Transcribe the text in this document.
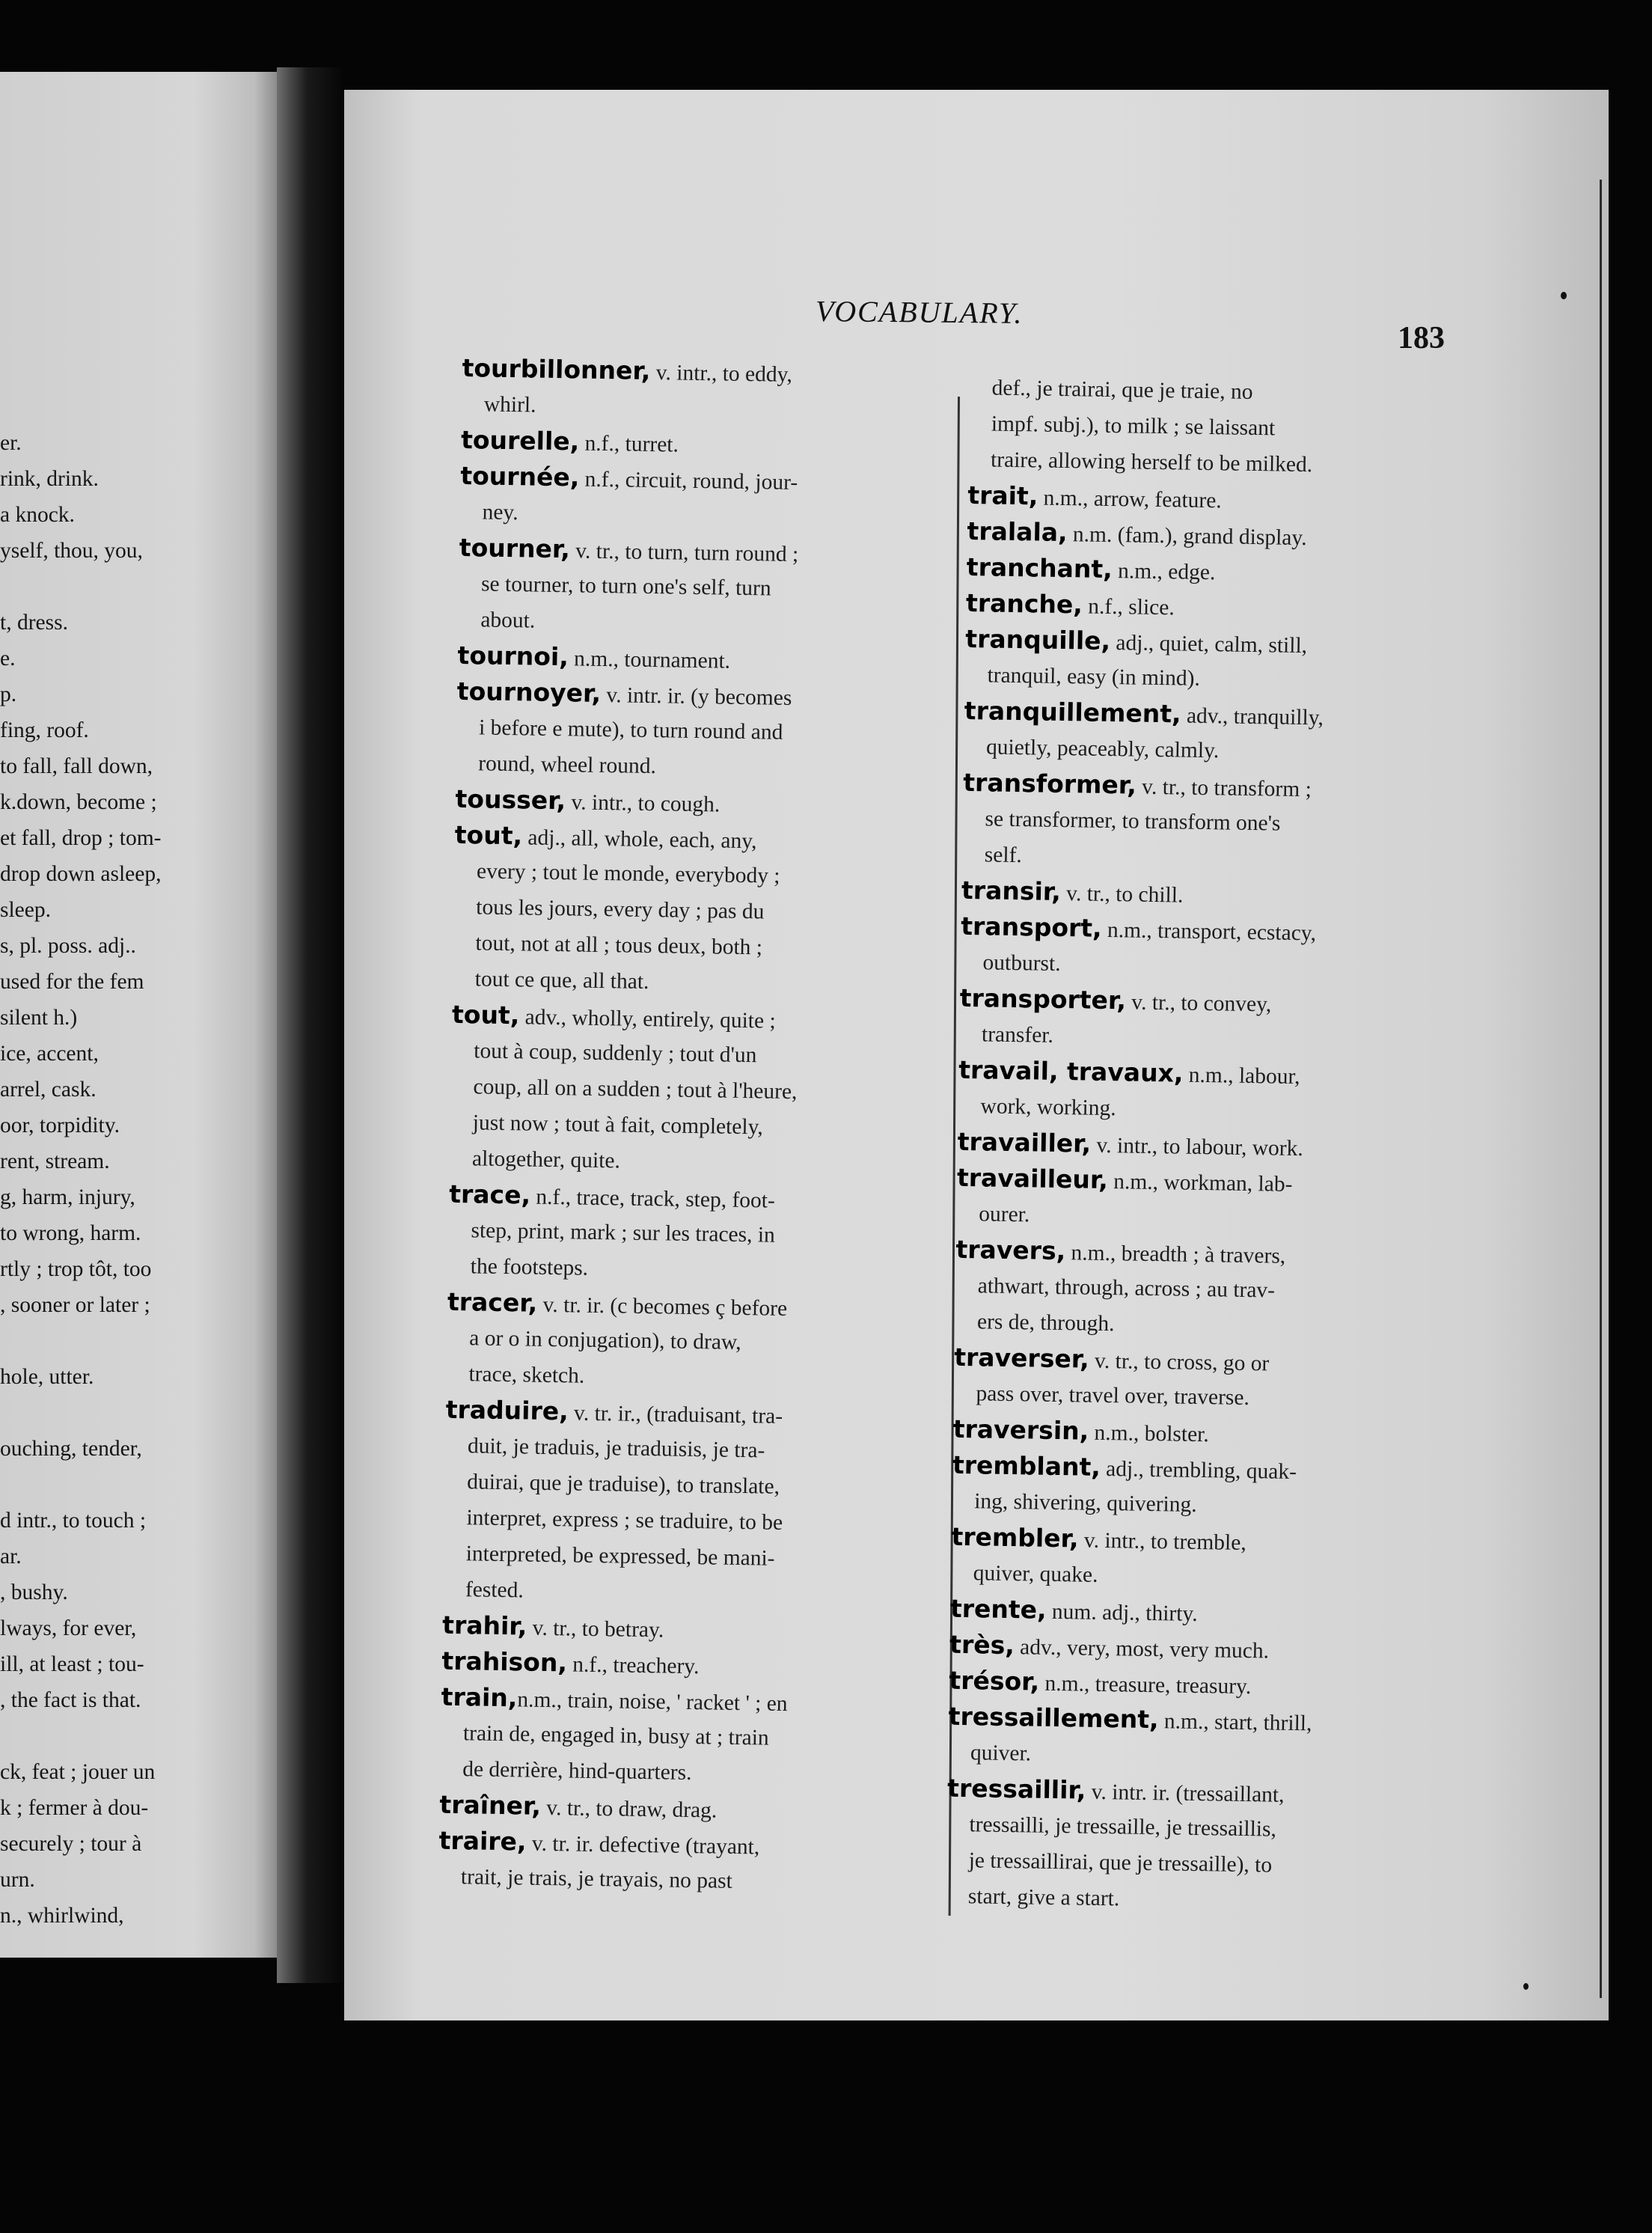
er.
rink, drink.
a knock.
yself, thou, you,
t, dress.
e.
p.
fing, roof.
to fall, fall down,
k.down, become ;
et fall, drop ; tom-
drop down asleep,
sleep.
s, pl. poss. adj..
used for the fem
silent h.)
ice, accent,
arrel, cask.
oor, torpidity.
rent, stream.
g, harm, injury,
to wrong, harm.
rtly ; trop tôt, too
, sooner or later ;
hole, utter.
ouching, tender,
d intr., to touch ;
ar.
, bushy.
lways, for ever,
ill, at least ; tou-
, the fact is that.
ck, feat ; jouer un
k ; fermer à dou-
securely ; tour à
urn.
n., whirlwind,
VOCABULARY.
183
tourbillonner, v. intr., to eddy,
whirl.
tourelle, n.f., turret.
tournée, n.f., circuit, round, jour-
ney.
tourner, v. tr., to turn, turn round ;
se tourner, to turn one's self, turn
about.
tournoi, n.m., tournament.
tournoyer, v. intr. ir. (y becomes
i before e mute), to turn round and
round, wheel round.
tousser, v. intr., to cough.
tout, adj., all, whole, each, any,
every ; tout le monde, everybody ;
tous les jours, every day ; pas du
tout, not at all ; tous deux, both ;
tout ce que, all that.
tout, adv., wholly, entirely, quite ;
tout à coup, suddenly ; tout d'un
coup, all on a sudden ; tout à l'heure,
just now ; tout à fait, completely,
altogether, quite.
trace, n.f., trace, track, step, foot-
step, print, mark ; sur les traces, in
the footsteps.
tracer, v. tr. ir. (c becomes ç before
a or o in conjugation), to draw,
trace, sketch.
traduire, v. tr. ir., (traduisant, tra-
duit, je traduis, je traduisis, je tra-
duirai, que je traduise), to translate,
interpret, express ; se traduire, to be
interpreted, be expressed, be mani-
fested.
trahir, v. tr., to betray.
trahison, n.f., treachery.
train,n.m., train, noise, ' racket ' ; en
train de, engaged in, busy at ; train
de derrière, hind-quarters.
traîner, v. tr., to draw, drag.
traire, v. tr. ir. defective (trayant,
trait, je trais, je trayais, no past
def., je trairai, que je traie, no
impf. subj.), to milk ; se laissant
traire, allowing herself to be milked.
trait, n.m., arrow, feature.
tralala, n.m. (fam.), grand display.
tranchant, n.m., edge.
tranche, n.f., slice.
tranquille, adj., quiet, calm, still,
tranquil, easy (in mind).
tranquillement, adv., tranquilly,
quietly, peaceably, calmly.
transformer, v. tr., to transform ;
se transformer, to transform one's
self.
transir, v. tr., to chill.
transport, n.m., transport, ecstacy,
outburst.
transporter, v. tr., to convey,
transfer.
travail, travaux, n.m., labour,
work, working.
travailler, v. intr., to labour, work.
travailleur, n.m., workman, lab-
ourer.
travers, n.m., breadth ; à travers,
athwart, through, across ; au trav-
ers de, through.
traverser, v. tr., to cross, go or
pass over, travel over, traverse.
traversin, n.m., bolster.
tremblant, adj., trembling, quak-
ing, shivering, quivering.
trembler, v. intr., to tremble,
quiver, quake.
trente, num. adj., thirty.
très, adv., very, most, very much.
trésor, n.m., treasure, treasury.
tressaillement, n.m., start, thrill,
quiver.
tressaillir, v. intr. ir. (tressaillant,
tressailli, je tressaille, je tressaillis,
je tressaillirai, que je tressaille), to
start, give a start.
